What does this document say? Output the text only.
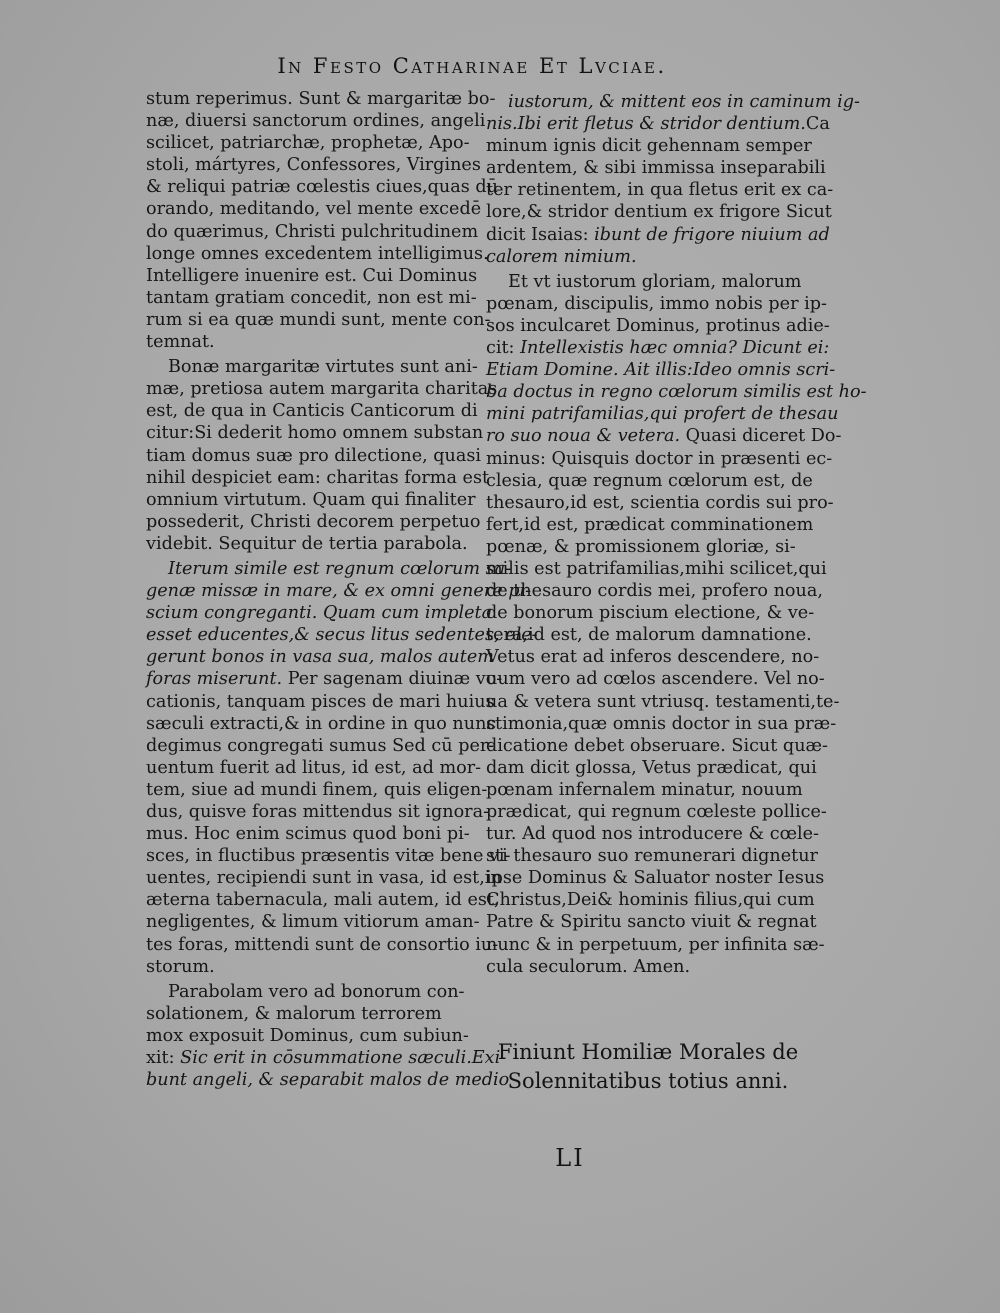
In Festo Catharinae Et Lvciae.
stum reperimus. Sunt & margaritæ bo-
næ, diuersi sanctorum ordines, angeli
scilicet, patriarchæ, prophetæ, Apo-
stoli, mártyres, Confessores, Virgines
& reliqui patriæ cœlestis ciues,quas dū
orando, meditando, vel mente excedē
do quærimus, Christi pulchritudinem
longe omnes excedentem intelligimus.
Intelligere inuenire est. Cui Dominus
tantam gratiam concedit, non est mi-
rum si ea quæ mundi sunt, mente con-
temnat.
Bonæ margaritæ virtutes sunt ani-
mæ, pretiosa autem margarita charitas
est, de qua in Canticis Canticorum di
citur:Si dederit homo omnem substan
tiam domus suæ pro dilectione, quasi
nihil despiciet eam: charitas forma est
omnium virtutum. Quam qui finaliter
possederit, Christi decorem perpetuo
videbit. Sequitur de tertia parabola.
Iterum simile est regnum cœlorum sa-
genæ missæ in mare, & ex omni genere pi-
scium congreganti. Quam cum impleta
esset educentes,& secus litus sedentes, ele-
gerunt bonos in vasa sua, malos autem
foras miserunt. Per sagenam diuinæ vo-
cationis, tanquam pisces de mari huius
sæculi extracti,& in ordine in quo nunc
degimus congregati sumus Sed cū per-
uentum fuerit ad litus, id est, ad mor-
tem, siue ad mundi finem, quis eligen-
dus, quisve foras mittendus sit ignora-
mus. Hoc enim scimus quod boni pi-
sces, in fluctibus præsentis vitæ bene vi-
uentes, recipiendi sunt in vasa, id est,in
æterna tabernacula, mali autem, id est,
negligentes, & limum vitiorum aman-
tes foras, mittendi sunt de consortio iu-
storum.
Parabolam vero ad bonorum con-
solationem, & malorum terrorem
mox exposuit Dominus, cum subiun-
xit: Sic erit in cōsummatione sæculi.Exi-
bunt angeli, & separabit malos de medio
iustorum, & mittent eos in caminum ig-
nis.Ibi erit fletus & stridor dentium.Ca
minum ignis dicit gehennam semper
ardentem, & sibi immissa inseparabili
ter retinentem, in qua fletus erit ex ca-
lore,& stridor dentium ex frigore Sicut
dicit Isaias: ibunt de frigore niuium ad
calorem nimium.
Et vt iustorum gloriam, malorum
pœnam, discipulis, immo nobis per ip-
sos inculcaret Dominus, protinus adie-
cit: Intellexistis hæc omnia? Dicunt ei:
Etiam Domine. Ait illis:Ideo omnis scri-
ba doctus in regno cœlorum similis est ho-
mini patrifamilias,qui profert de thesau
ro suo noua & vetera. Quasi diceret Do-
minus: Quisquis doctor in præsenti ec-
clesia, quæ regnum cœlorum est, de
thesauro,id est, scientia cordis sui pro-
fert,id est, prædicat comminationem
pœnæ, & promissionem gloriæ, si-
milis est patrifamilias,mihi scilicet,qui
de thesauro cordis mei, profero noua,
de bonorum piscium electione, & ve-
tera,id est, de malorum damnatione.
Vetus erat ad inferos descendere, no-
uum vero ad cœlos ascendere. Vel no-
ua & vetera sunt vtriusq. testamenti,te-
stimonia,quæ omnis doctor in sua præ-
dicatione debet obseruare. Sicut quæ-
dam dicit glossa, Vetus prædicat, qui
pœnam infernalem minatur, nouum
prædicat, qui regnum cœleste pollice-
tur. Ad quod nos introducere & cœle-
sti thesauro suo remunerari dignetur
ipse Dominus & Saluator noster Iesus
Christus,Dei& hominis filius,qui cum
Patre & Spiritu sancto viuit & regnat
nunc & in perpetuum, per infinita sæ-
cula seculorum. Amen.
Finiunt Homiliæ Morales de
Solennitatibus totius anni.
LI
